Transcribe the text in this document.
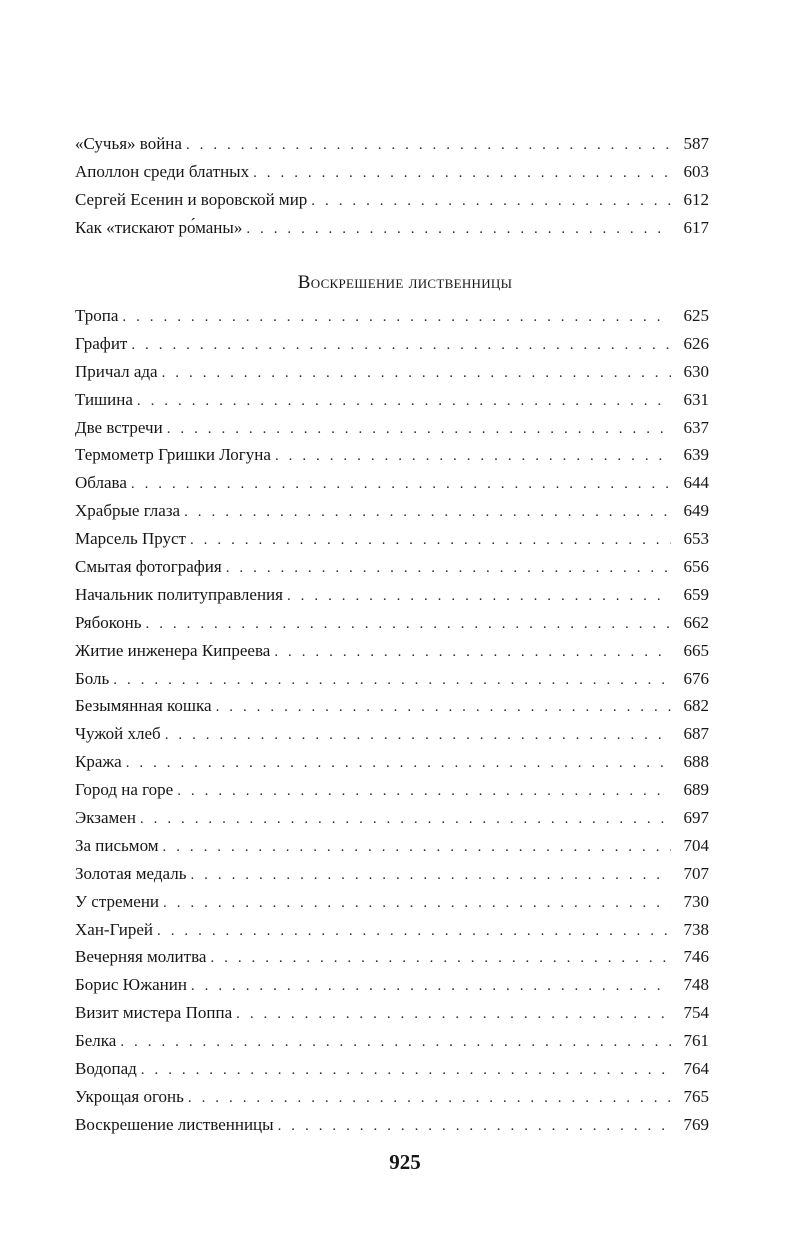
«Сучья» война . . .	587
Аполлон среди блатных . . .	603
Сергей Есенин и воровской мир . . .	612
Как «тискают ро́маны» . . .	617
Воскрешение лиственницы
Тропа . . .	625
Графит . . .	626
Причал ада . . .	630
Тишина . . .	631
Две встречи . . .	637
Термометр Гришки Логуна . . .	639
Облава . . .	644
Храбрые глаза . . .	649
Марсель Пруст . . .	653
Смытая фотография . . .	656
Начальник политуправления . . .	659
Рябоконь . . .	662
Житие инженера Кипреева . . .	665
Боль . . .	676
Безымянная кошка . . .	682
Чужой хлеб . . .	687
Кража . . .	688
Город на горе . . .	689
Экзамен . . .	697
За письмом . . .	704
Золотая медаль . . .	707
У стремени . . .	730
Хан-Гирей . . .	738
Вечерняя молитва . . .	746
Борис Южанин . . .	748
Визит мистера Поппа . . .	754
Белка . . .	761
Водопад . . .	764
Укрощая огонь . . .	765
Воскрешение лиственницы . . .	769
925
